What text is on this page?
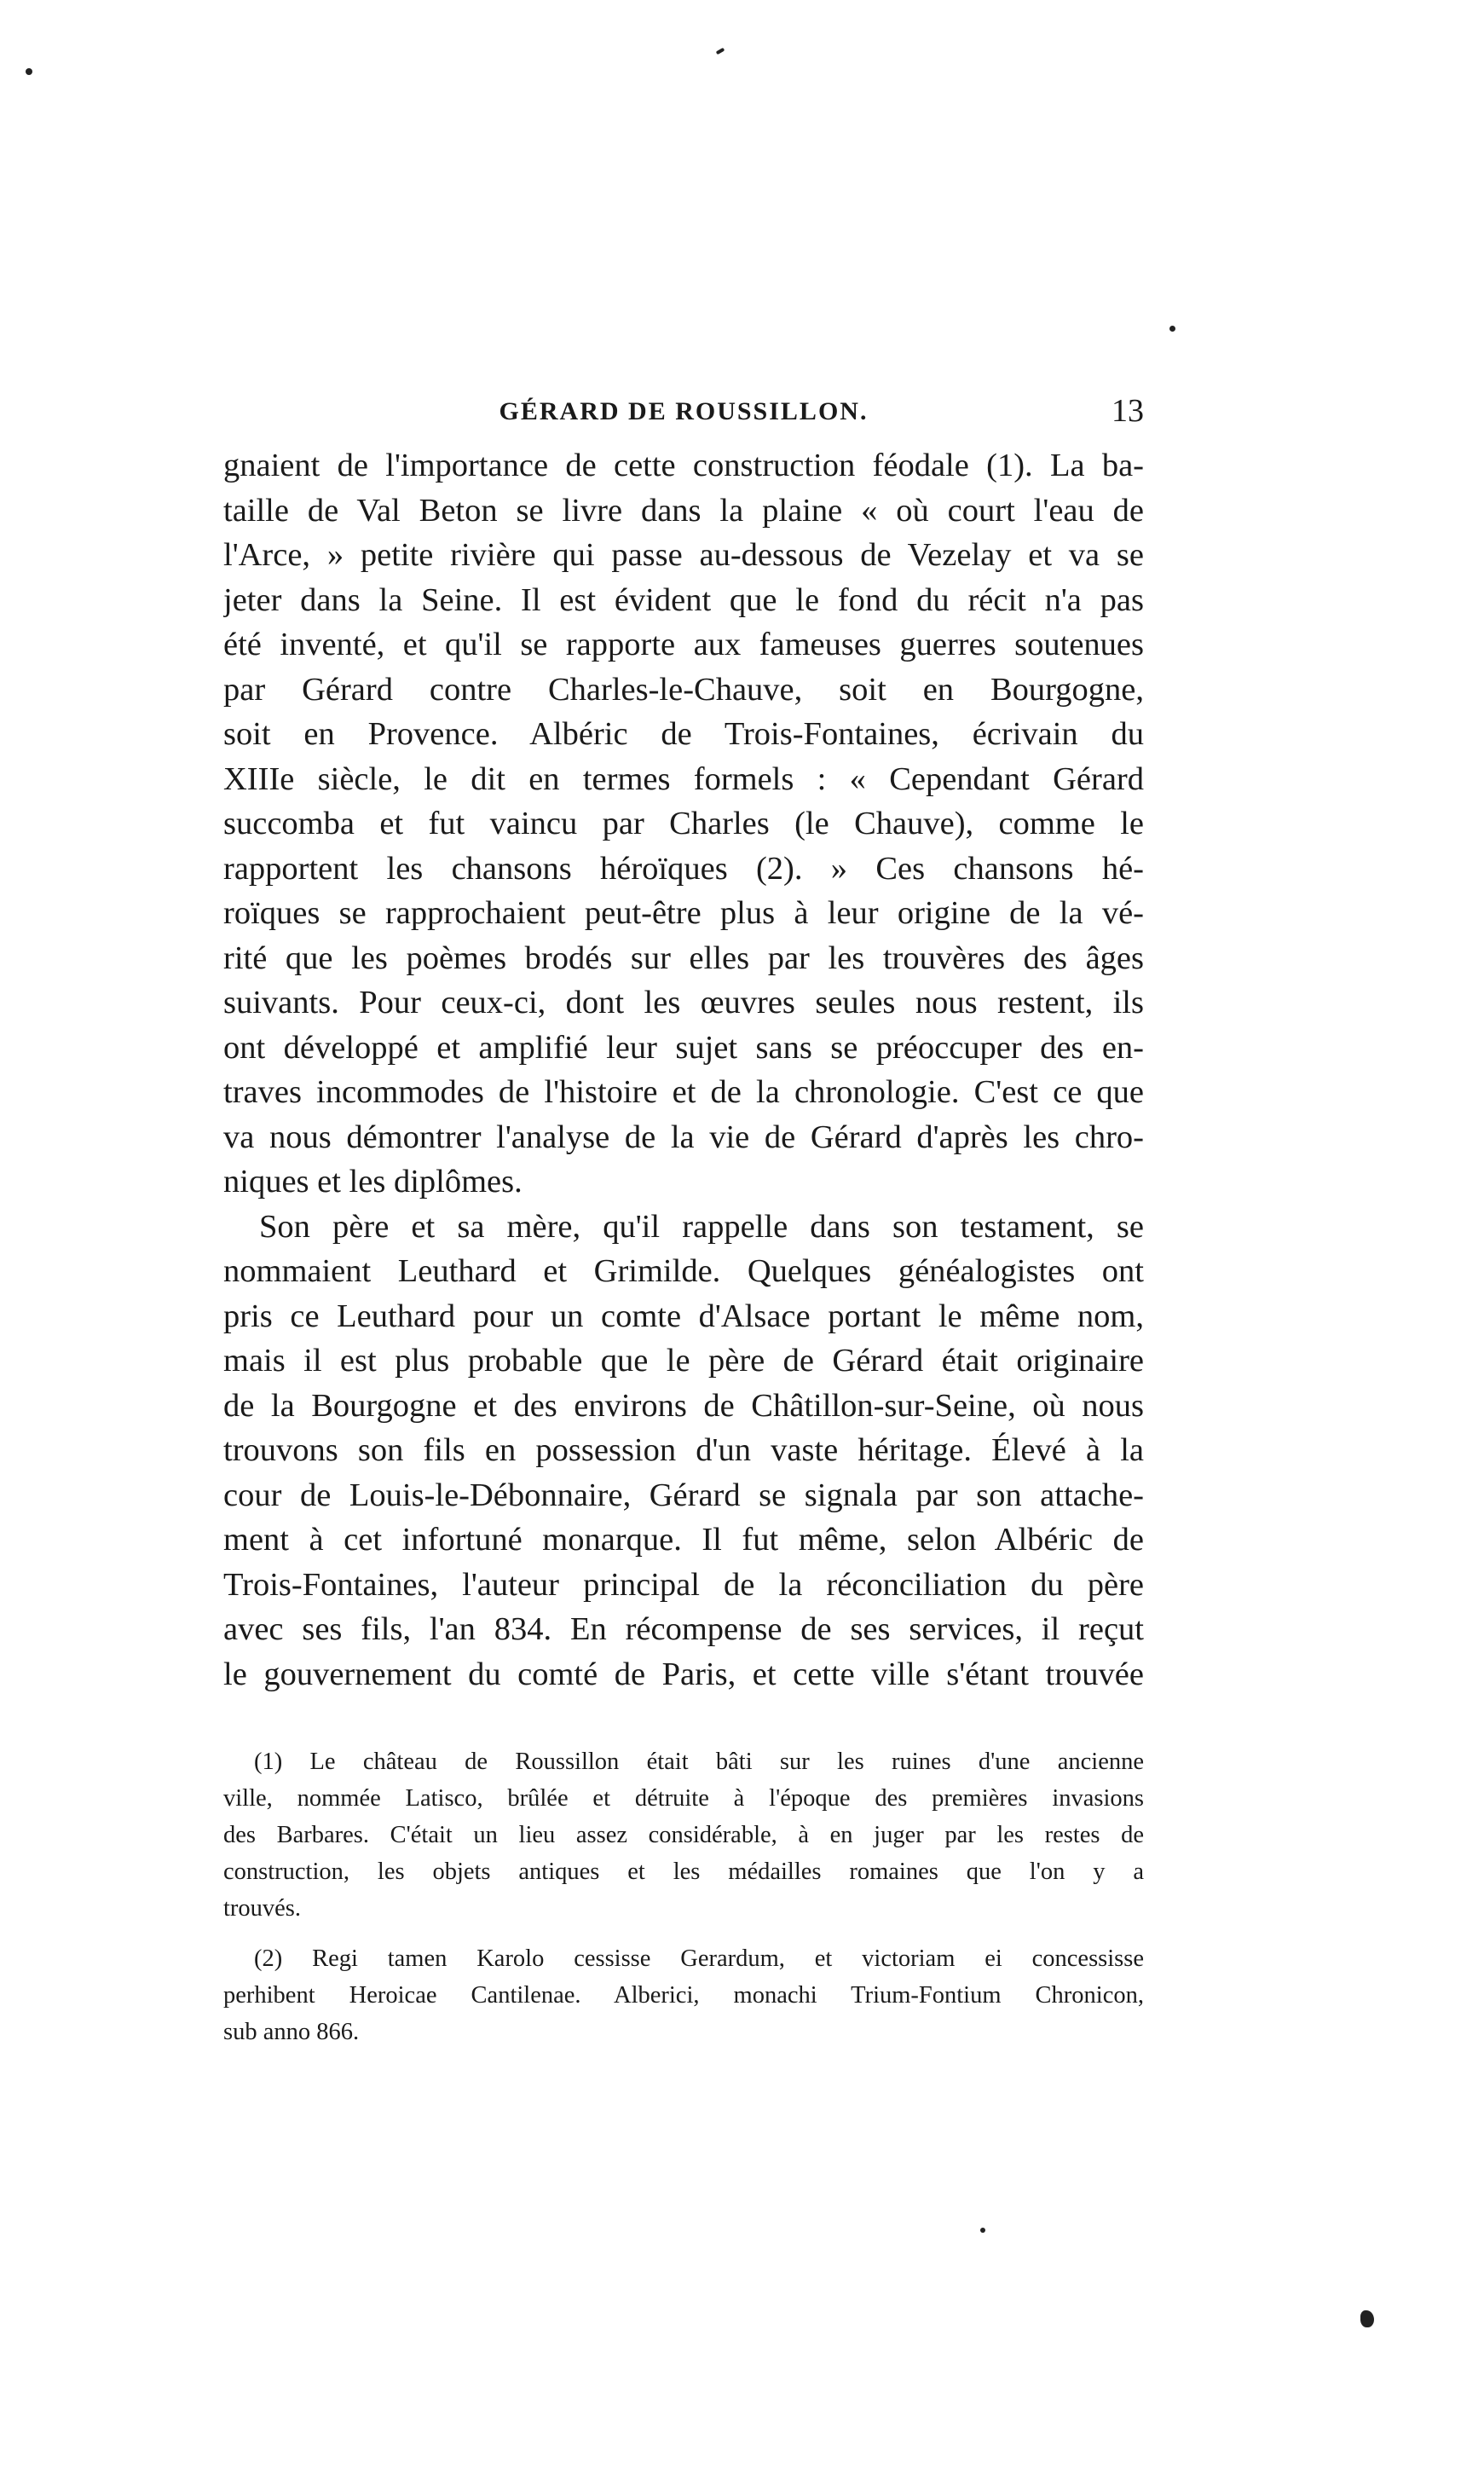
GÉRARD DE ROUSSILLON.	13
gnaient de l'importance de cette construction féodale (1). La ba-
taille de Val Beton se livre dans la plaine « où court l'eau de
l'Arce, » petite rivière qui passe au-dessous de Vezelay et va se
jeter dans la Seine. Il est évident que le fond du récit n'a pas
été inventé, et qu'il se rapporte aux fameuses guerres soutenues
par Gérard contre Charles-le-Chauve, soit en Bourgogne,
soit en Provence. Albéric de Trois-Fontaines, écrivain du
XIIIe siècle, le dit en termes formels : « Cependant Gérard
succomba et fut vaincu par Charles (le Chauve), comme le
rapportent les chansons héroïques (2). » Ces chansons hé-
roïques se rapprochaient peut-être plus à leur origine de la vé-
rité que les poèmes brodés sur elles par les trouvères des âges
suivants. Pour ceux-ci, dont les œuvres seules nous restent, ils
ont développé et amplifié leur sujet sans se préoccuper des en-
traves incommodes de l'histoire et de la chronologie. C'est ce que
va nous démontrer l'analyse de la vie de Gérard d'après les chro-
niques et les diplômes.
Son père et sa mère, qu'il rappelle dans son testament, se
nommaient Leuthard et Grimilde. Quelques généalogistes ont
pris ce Leuthard pour un comte d'Alsace portant le même nom,
mais il est plus probable que le père de Gérard était originaire
de la Bourgogne et des environs de Châtillon-sur-Seine, où nous
trouvons son fils en possession d'un vaste héritage. Élevé à la
cour de Louis-le-Débonnaire, Gérard se signala par son attache-
ment à cet infortuné monarque. Il fut même, selon Albéric de
Trois-Fontaines, l'auteur principal de la réconciliation du père
avec ses fils, l'an 834. En récompense de ses services, il reçut
le gouvernement du comté de Paris, et cette ville s'étant trouvée
(1) Le château de Roussillon était bâti sur les ruines d'une ancienne
ville, nommée Latisco, brûlée et détruite à l'époque des premières invasions
des Barbares. C'était un lieu assez considérable, à en juger par les restes de
construction, les objets antiques et les médailles romaines que l'on y a
trouvés.
(2) Regi tamen Karolo cessisse Gerardum, et victoriam ei concessisse
perhibent Heroicae Cantilenae. Alberici, monachi Trium-Fontium Chronicon,
sub anno 866.
